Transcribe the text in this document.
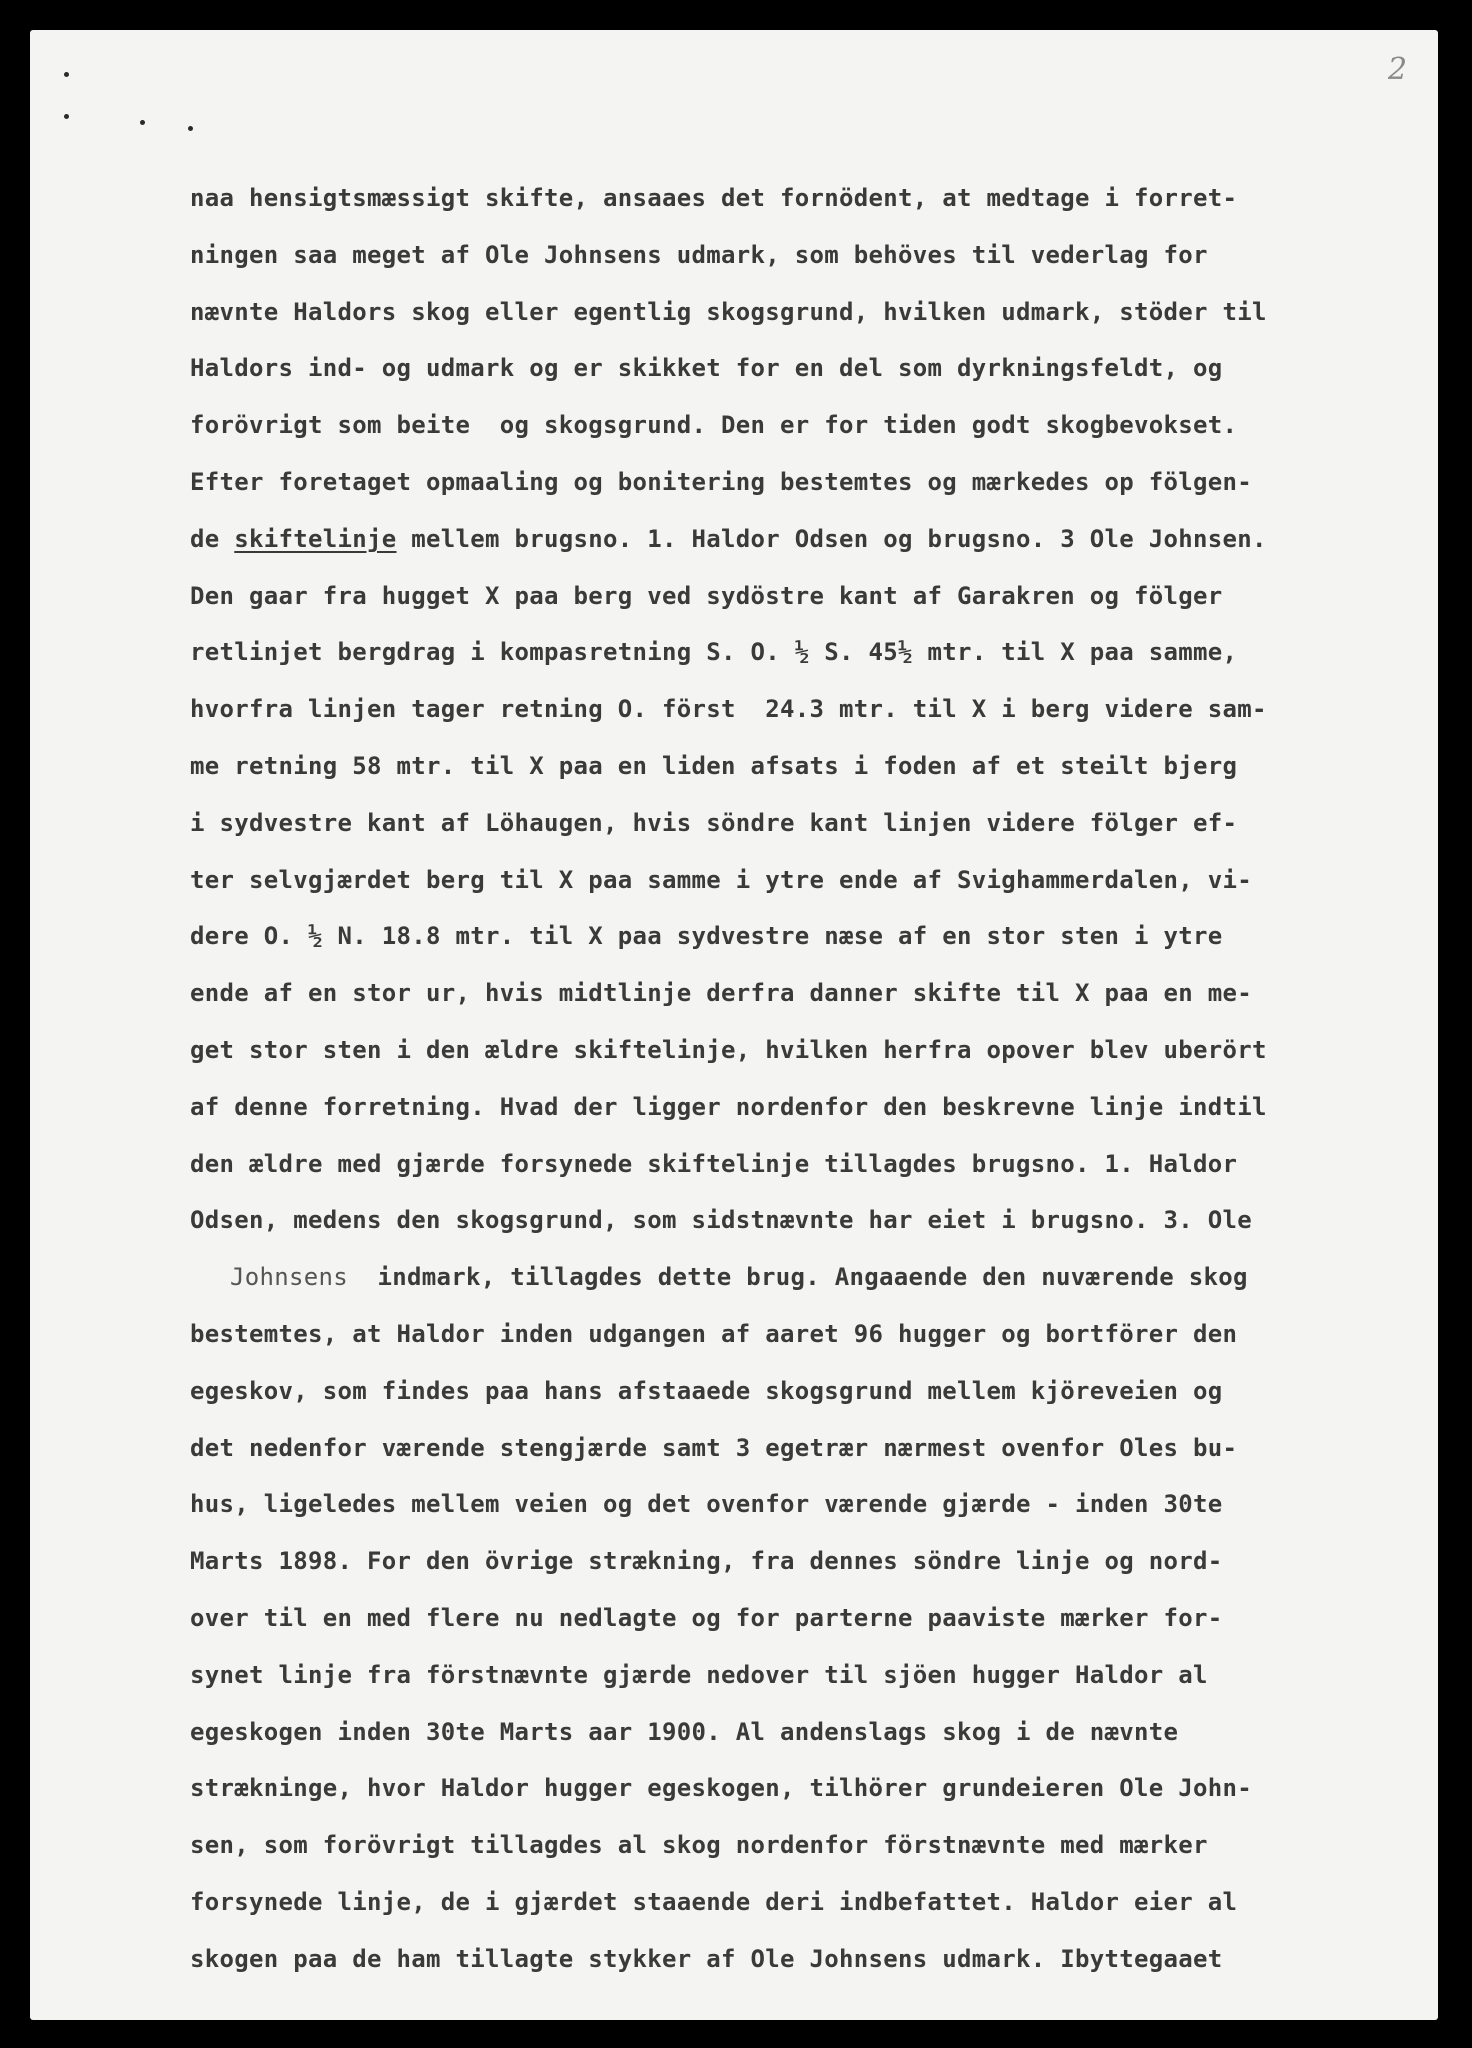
2
naa hensigtsmæssigt skifte, ansaaes det fornödent, at medtage i forret-
ningen saa meget af Ole Johnsens udmark, som behöves til vederlag for
nævnte Haldors skog eller egentlig skogsgrund, hvilken udmark, stöder til
Haldors ind- og udmark og er skikket for en del som dyrkningsfeldt, og
forövrigt som beite  og skogsgrund. Den er for tiden godt skogbevokset.
Efter foretaget opmaaling og bonitering bestemtes og mærkedes op fölgen-
de skiftelinje mellem brugsno. 1. Haldor Odsen og brugsno. 3 Ole Johnsen.
Den gaar fra hugget X paa berg ved sydöstre kant af Garakren og fölger
retlinjet bergdrag i kompasretning S. O. ½ S. 45½ mtr. til X paa samme,
hvorfra linjen tager retning O. först  24.3 mtr. til X i berg videre sam-
me retning 58 mtr. til X paa en liden afsats i foden af et steilt bjerg
i sydvestre kant af Löhaugen, hvis söndre kant linjen videre fölger ef-
ter selvgjærdet berg til X paa samme i ytre ende af Svighammerdalen, vi-
dere O. ½ N. 18.8 mtr. til X paa sydvestre næse af en stor sten i ytre
ende af en stor ur, hvis midtlinje derfra danner skifte til X paa en me-
get stor sten i den ældre skiftelinje, hvilken herfra opover blev uberört
af denne forretning. Hvad der ligger nordenfor den beskrevne linje indtil
den ældre med gjærde forsynede skiftelinje tillagdes brugsno. 1. Haldor
Odsen, medens den skogsgrund, som sidstnævnte har eiet i brugsno. 3. Ole
Johnsens indmark, tillagdes dette brug. Angaaende den nuværende skog
bestemtes, at Haldor inden udgangen af aaret 96 hugger og bortförer den
egeskov, som findes paa hans afstaaede skogsgrund mellem kjöreveien og
det nedenfor værende stengjærde samt 3 egetrær nærmest ovenfor Oles bu-
hus, ligeledes mellem veien og det ovenfor værende gjærde - inden 30te
Marts 1898. For den övrige strækning, fra dennes söndre linje og nord-
over til en med flere nu nedlagte og for parterne paaviste mærker for-
synet linje fra förstnævnte gjærde nedover til sjöen hugger Haldor al
egeskogen inden 30te Marts aar 1900. Al andenslags skog i de nævnte
strækninge, hvor Haldor hugger egeskogen, tilhörer grundeieren Ole John-
sen, som forövrigt tillagdes al skog nordenfor förstnævnte med mærker
forsynede linje, de i gjærdet staaende deri indbefattet. Haldor eier al
skogen paa de ham tillagte stykker af Ole Johnsens udmark. Ibyttegaaet
